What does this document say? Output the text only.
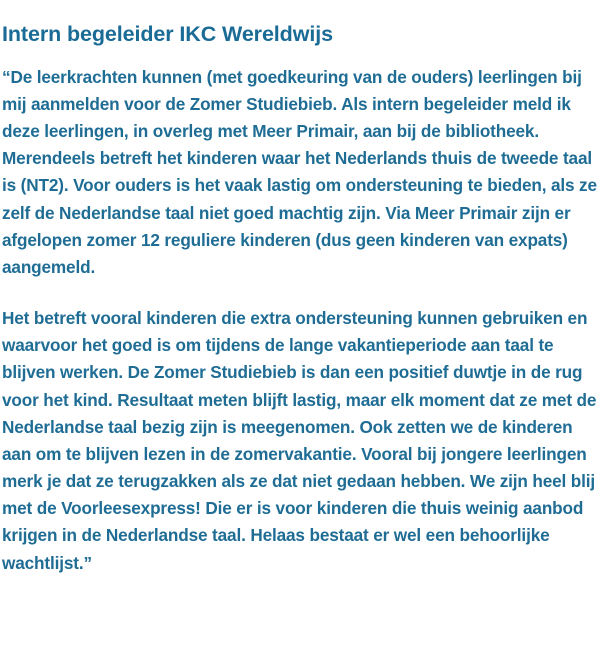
Intern begeleider IKC Wereldwijs

“De leerkrachten kunnen (met goedkeuring van de ouders) leerlingen bij mij aanmelden voor de Zomer Studiebieb. Als intern begeleider meld ik deze leerlingen, in overleg met Meer Primair, aan bij de bibliotheek. Merendeels betreft het kinderen waar het Nederlands thuis de tweede taal is (NT2). Voor ouders is het vaak lastig om ondersteuning te bieden, als ze zelf de Nederlandse taal niet goed machtig zijn. Via Meer Primair zijn er afgelopen zomer 12 reguliere kinderen (dus geen kinderen van expats) aangemeld.

Het betreft vooral kinderen die extra ondersteuning kunnen gebruiken en waarvoor het goed is om tijdens de lange vakantieperiode aan taal te blijven werken. De Zomer Studiebieb is dan een positief duwtje in de rug voor het kind. Resultaat meten blijft lastig, maar elk moment dat ze met de Nederlandse taal bezig zijn is meegenomen. Ook zetten we de kinderen aan om te blijven lezen in de zomervakantie. Vooral bij jongere leerlingen merk je dat ze terugzakken als ze dat niet gedaan hebben. We zijn heel blij met de Voorleesexpress! Die er is voor kinderen die thuis weinig aanbod krijgen in de Nederlandse taal. Helaas bestaat er wel een behoorlijke wachtlijst.”
